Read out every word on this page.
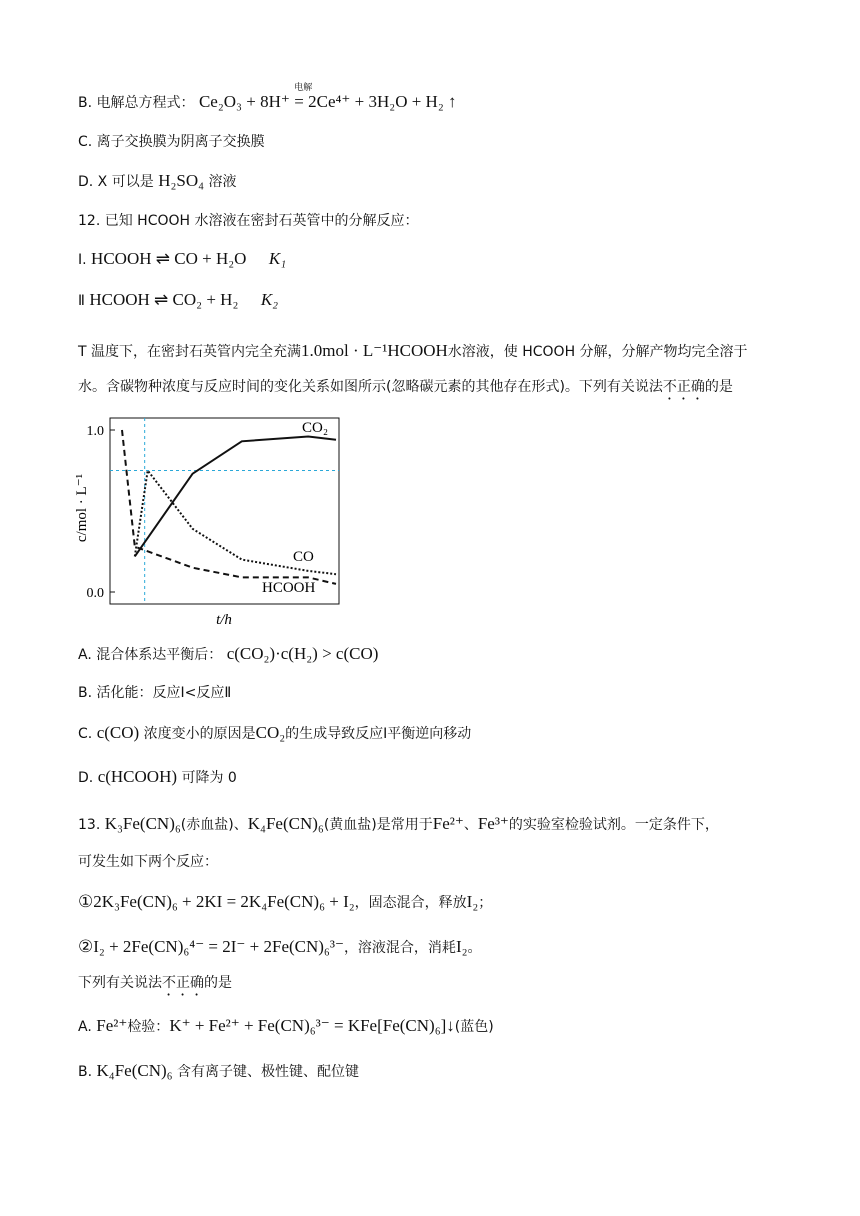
B. 电解总方程式： Ce₂O₃ + 8H⁺
电解
= 2Ce⁴⁺ + 3H₂O + H₂ ↑
C. 离子交换膜为阴离子交换膜
D. X 可以是 H₂SO₄ 溶液
12. 已知 HCOOH 水溶液在密封石英管中的分解反应：
Ⅰ. HCOOH ⇌ CO + H₂O K₁
Ⅱ HCOOH ⇌ CO₂ + H₂ K₂
T 温度下，在密封石英管内完全充满1.0mol · L⁻¹HCOOH水溶液，使 HCOOH 分解，分解产物均完全溶于
水。含碳物种浓度与反应时间的变化关系如图所示(忽略碳元素的其他存在形式)。下列有关说法不正确的是
1.0
0.0
CO₂
CO
HCOOH
c/mol · L⁻¹
t/h
A. 混合体系达平衡后： c(CO₂)·c(H₂) > c(CO)
B. 活化能：反应Ⅰ<反应Ⅱ
C. c(CO) 浓度变小的原因是CO₂的生成导致反应Ⅰ平衡逆向移动
D. c(HCOOH) 可降为 0
13. K₃Fe(CN)₆(赤血盐)、K₄Fe(CN)₆(黄血盐)是常用于Fe²⁺、Fe³⁺的实验室检验试剂。一定条件下，
可发生如下两个反应：
①2K₃Fe(CN)₆ + 2KI = 2K₄Fe(CN)₆ + I₂，固态混合，释放I₂；
②I₂ + 2Fe(CN)₆⁴⁻ = 2I⁻ + 2Fe(CN)₆³⁻，溶液混合，消耗I₂。
下列有关说法不正确的是
A. Fe²⁺检验：K⁺ + Fe²⁺ + Fe(CN)₆³⁻ = KFe[Fe(CN)₆]↓(蓝色)
B. K₄Fe(CN)₆ 含有离子键、极性键、配位键
